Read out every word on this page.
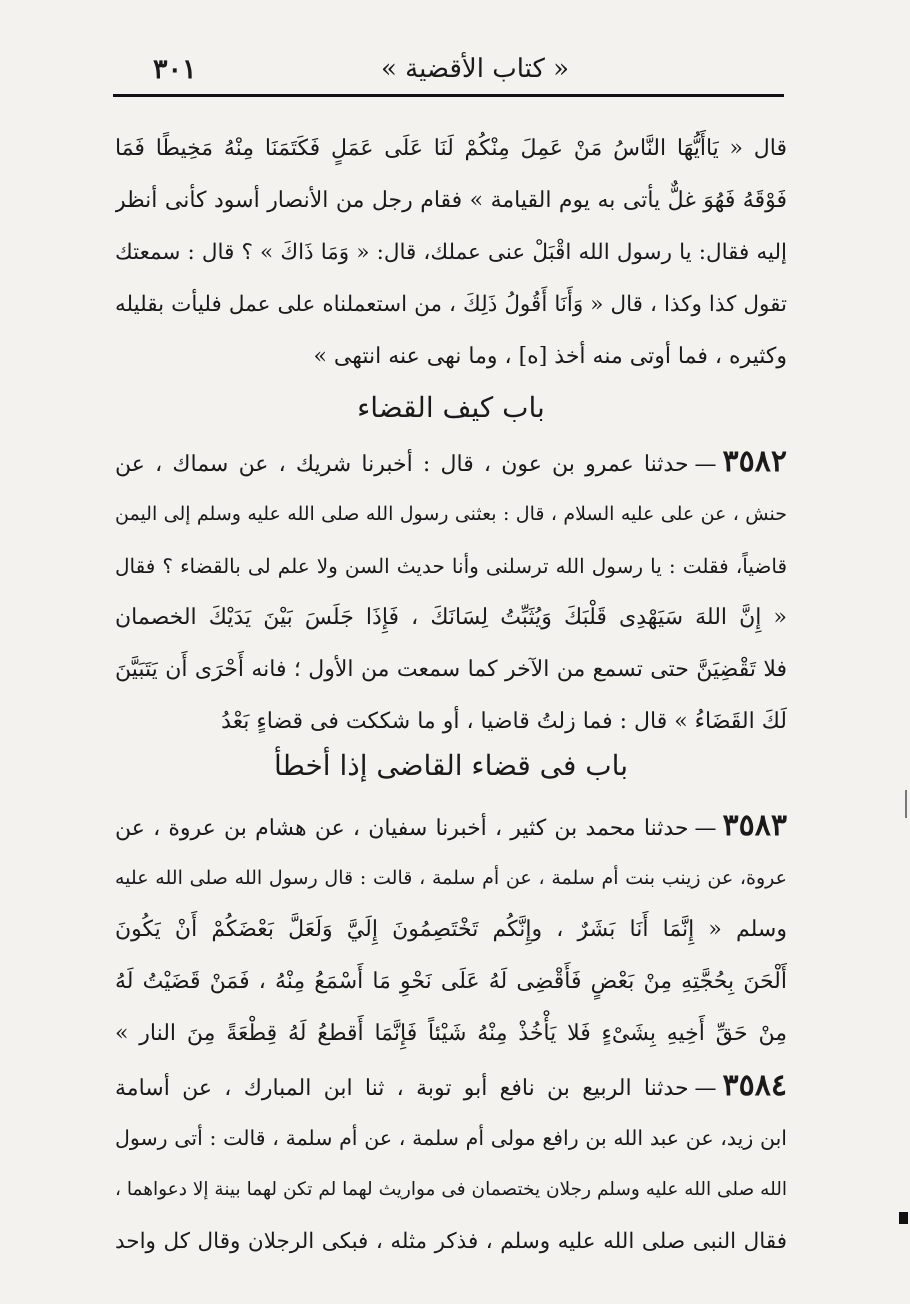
٣٠١	« كتاب الأقضية »
قال « يَاأَيُّهَا النَّاسُ مَنْ عَمِلَ مِنْكُمْ لَنَا عَلَى عَمَلٍ فَكَتَمَنَا مِنْهُ مَخِيطًا فَمَا
فَوْقَهُ فَهُوَ غلٌّ يأتى به يوم القيامة » فقام رجل من الأنصار أسود كأنى أنظر
إليه فقال: يا رسول الله اقْبَلْ عنى عملك، قال: « وَمَا ذَاكَ » ؟ قال : سمعتك
تقول كذا وكذا ، قال « وَأَنَا أَقُولُ ذَلِكَ ، من استعملناه على عمل فليأت بقليله
وكثيره ، فما أوتى منه أخذ [ه] ، وما نهى عنه انتهى »
باب كيف القضاء
٣٥٨٢—حدثنا عمرو بن عون ، قال : أخبرنا شريك ، عن سماك ، عن
حنش ، عن على عليه السلام ، قال : بعثنى رسول الله صلى الله عليه وسلم إلى اليمن
قاضياً، فقلت : يا رسول الله ترسلنى وأنا حديث السن ولا علم لى بالقضاء ؟ فقال
« إِنَّ اللهَ سَيَهْدِى قَلْبَكَ وَيُثَبِّتُ لِسَانَكَ ، فَإِذَا جَلَسَ بَيْنَ يَدَيْكَ الخصمان
فلا تَقْضِيَنَّ حتى تسمع من الآخر كما سمعت من الأول ؛ فانه أَحْرَى أَن يَتَبَيَّنَ
لَكَ القَضَاءُ » قال : فما زلتُ قاضيا ، أو ما شككت فى قضاءٍ بَعْدُ
باب فى قضاء القاضى إذا أخطأ
٣٥٨٣—حدثنا محمد بن كثير ، أخبرنا سفيان ، عن هشام بن عروة ، عن
عروة، عن زينب بنت أم سلمة ، عن أم سلمة ، قالت : قال رسول الله صلى الله عليه
وسلم « إِنَّمَا أَنَا بَشَرٌ ، وإِنَّكُم تَخْتَصِمُونَ إِلَيَّ وَلَعَلَّ بَعْضَكُمْ أَنْ يَكُونَ
أَلْحَنَ بِحُجَّتِهِ مِنْ بَعْضٍ فَأَقْضِى لَهُ عَلَى نَحْوِ مَا أَسْمَعُ مِنْهُ ، فَمَنْ قَضَيْتُ لَهُ
مِنْ حَقِّ أَخِيهِ بِشَىْءٍ فَلا يَأْخُذْ مِنْهُ شَيْئاً فَإِنَّمَا أَقطعُ لَهُ قِطْعَةً مِنَ النار »
٣٥٨٤—حدثنا الربيع بن نافع أبو توبة ، ثنا ابن المبارك ، عن أسامة
ابن زيد، عن عبد الله بن رافع مولى أم سلمة ، عن أم سلمة ، قالت : أتى رسول
الله صلى الله عليه وسلم رجلان يختصمان فى مواريث لهما لم تكن لهما بينة إلا دعواهما ،
فقال النبى صلى الله عليه وسلم ، فذكر مثله ، فبكى الرجلان وقال كل واحد
